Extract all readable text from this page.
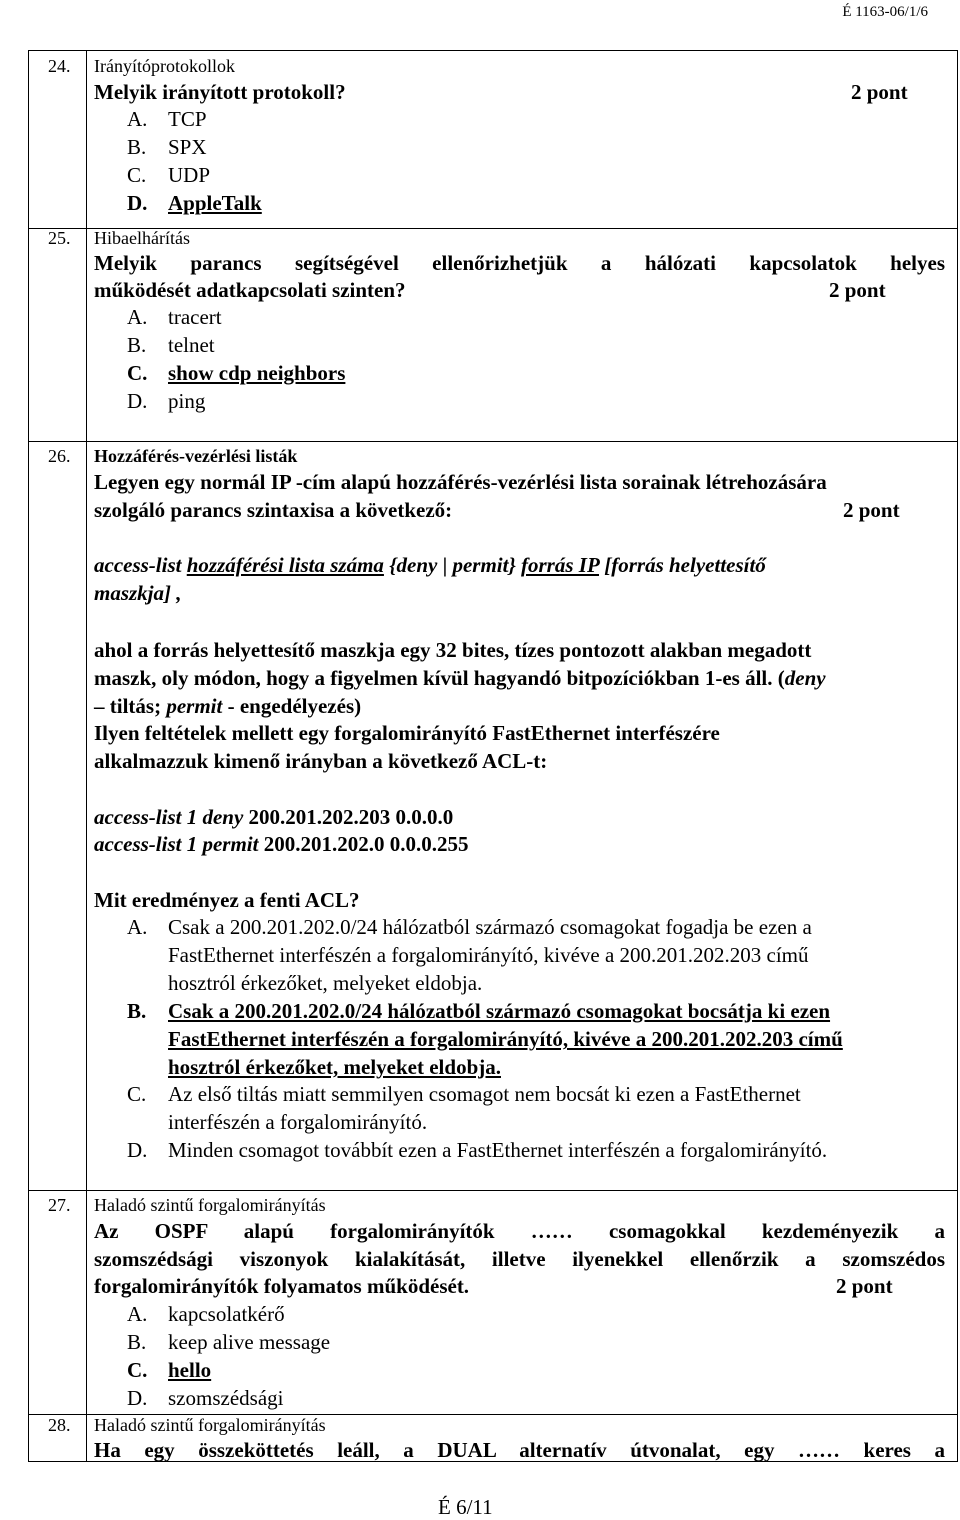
É 1163-06/1/6
24. Irányítóprotokollok
Melyik irányított protokoll?	2 pont
A. TCP
B. SPX
C. UDP
D. AppleTalk
25. Hibaelhárítás
Melyik parancs segítségével ellenőrizhetjük a hálózati kapcsolatok helyes
működését adatkapcsolati szinten?	2 pont
A. tracert
B. telnet
C. show cdp neighbors
D. ping
26. Hozzáférés-vezérlési listák
Legyen egy normál IP -cím alapú hozzáférés-vezérlési lista sorainak létrehozására
szolgáló parancs szintaxisa a következő:	2 pont
access-list hozzáférési lista száma {deny | permit} forrás IP [forrás helyettesítő
maszkja] ,
ahol a forrás helyettesítő maszkja egy 32 bites, tízes pontozott alakban megadott
maszk, oly módon, hogy a figyelmen kívül hagyandó bitpozíciókban 1-es áll. (deny
– tiltás; permit - engedélyezés)
Ilyen feltételek mellett egy forgalomirányító FastEthernet interfészére
alkalmazzuk kimenő irányban a következő ACL-t:
access-list 1 deny 200.201.202.203 0.0.0.0
access-list 1 permit 200.201.202.0 0.0.0.255
Mit eredményez a fenti ACL?
A. Csak a 200.201.202.0/24 hálózatból származó csomagokat fogadja be ezen a
FastEthernet interfészén a forgalomirányító, kivéve a 200.201.202.203 című
hosztról érkezőket, melyeket eldobja.
B. Csak a 200.201.202.0/24 hálózatból származó csomagokat bocsátja ki ezen
FastEthernet interfészén a forgalomirányító, kivéve a 200.201.202.203 című
hosztról érkezőket, melyeket eldobja.
C. Az első tiltás miatt semmilyen csomagot nem bocsát ki ezen a FastEthernet
interfészén a forgalomirányító.
D. Minden csomagot továbbít ezen a FastEthernet interfészén a forgalomirányító.
27. Haladó szintű forgalomirányítás
Az OSPF alapú forgalomirányítók …… csomagokkal kezdeményezik a
szomszédsági viszonyok kialakítását, illetve ilyenekkel ellenőrzik a szomszédos
forgalomirányítók folyamatos működését.	2 pont
A. kapcsolatkérő
B. keep alive message
C. hello
D. szomszédsági
28. Haladó szintű forgalomirányítás
Ha egy összeköttetés leáll, a DUAL alternatív útvonalat, egy …… keres a
É 6/11
